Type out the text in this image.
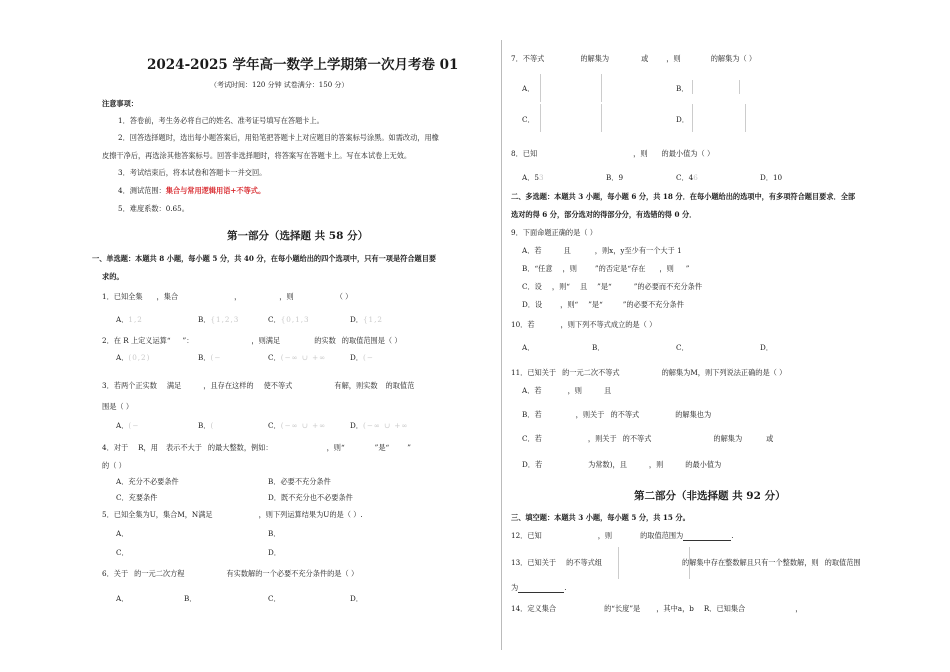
2024-2025 学年高一数学上学期第一次月考卷 01
（考试时间：120 分钟 试卷满分：150 分）
注意事项：
1．答卷前，考生务必将自己的姓名、准考证号填写在答题卡上。
2．回答选择题时，选出每小题答案后，用铅笔把答题卡上对应题目的答案标号涂黑。如需改动，用橡
皮擦干净后，再选涂其他答案标号。回答非选择题时，将答案写在答题卡上。写在本试卷上无效。
3．考试结束后，将本试卷和答题卡一并交回。
4．测试范围：集合与常用逻辑用语+不等式。
5．难度系数：0.65。
第一部分（选择题 共 58 分）
一、单选题：本题共 8 小题，每小题 5 分，共 40 分，在每小题给出的四个选项中，只有一项是符合题目要
求的。
1．已知全集 ，集合	，	，则	（ ）
A．1,2	B．{1,2,3	C．{0,1,3	D．{1,2
2．在 R 上定义运算“ ”：	，则满足	的实数 的取值范围是（ ）
A．(0,2)	B．(−	C．(−∞ ∪ +∞	D．(−
3．若两个正实数 满足	，且存在这样的 使不等式	有解，则实数 的取值范
围是（ ）
A．(−	B．(	C．(−∞ ∪ +∞	D．(−∞ ∪ +∞
4．对于 R，用 表示不大于 的最大整数，例如：	，则“	”是“	”
的（ ）
A．充分不必要条件	B．必要不充分条件
C．充要条件	D．既不充分也不必要条件
5．已知全集为U，集合M，N满足	，则下列运算结果为U的是（ ）.
A．	B．
C．	D．
6．关于 的一元二次方程	有实数解的一个必要不充分条件的是（ ）
A．	B．	C．	D．
7．不等式	的解集为	或	，则	的解集为（ ）
A．	B．
C．	D．
8．已知	，则 的最小值为（ ）
A．53	B．9	C．46	D．10
二、多选题：本题共 3 小题，每小题 6 分，共 18 分．在每小题给出的选项中，有多项符合题目要求．全部
选对的得 6 分，部分选对的得部分分，有选错的得 0 分．
9．下面命题正确的是（ ）
A．若	且	，则x，y至少有一个大于 1
B．“任意 ，则	”的否定是“存在 ，则 ”
C．设 ，则“ 且 ”是“	”的必要而不充分条件
D．设	，则“ ”是“	”的必要不充分条件
10．若	，则下列不等式成立的是（ ）
A．	B．	C．	D．
11．已知关于 的一元二次不等式	的解集为M，则下列说法正确的是（ ）
A．若	，则	且
B．若	，则关于 的不等式	的解集也为
C．若	，则关于 的不等式	的解集为	或
D．若	为常数)，且	，则	的最小值为
第二部分（非选择题 共 92 分）
三、填空题：本题共 3 小题，每小题 5 分，共 15 分。
12．已知	，则	的取值范围为	.
13．已知关于 的不等式组	的解集中存在整数解且只有一个整数解，则 的取值范围
为	.
14．定义集合	的“长度”是 ，其中a，b R．已知集合	，
